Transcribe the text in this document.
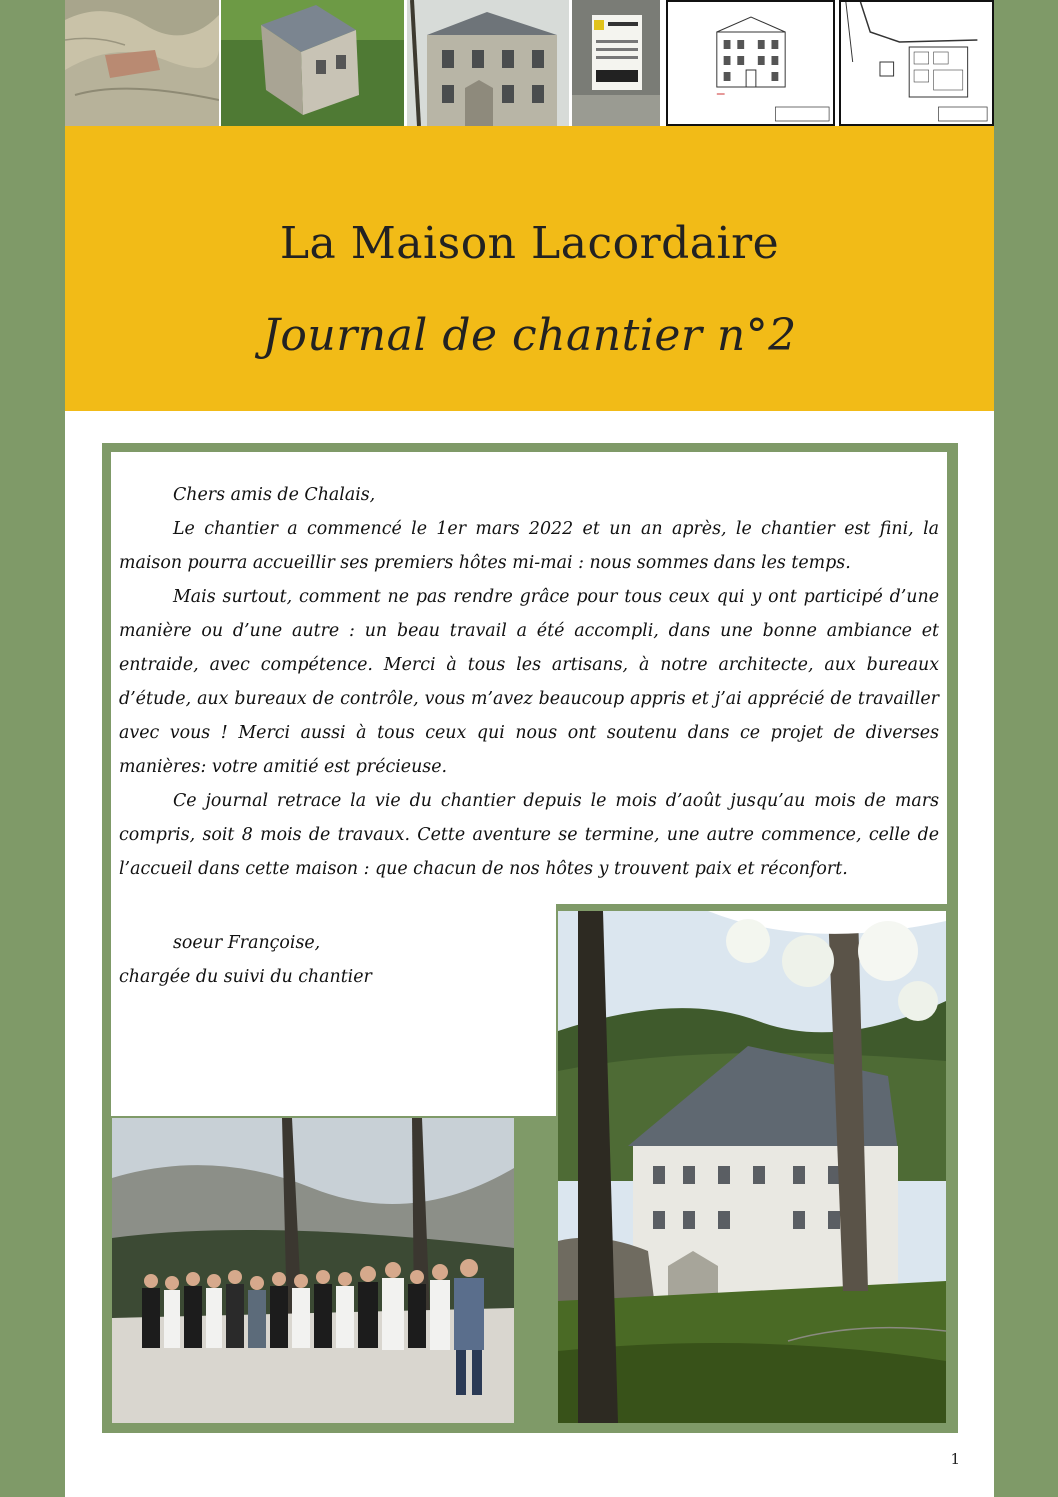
La Maison Lacordaire
Journal de chantier n°2

Chers amis de Chalais,

Le chantier a commencé le 1er mars 2022 et un an après, le chantier est fini, la maison pourra accueillir ses premiers hôtes mi-mai : nous sommes dans les temps.

Mais surtout, comment ne pas rendre grâce pour tous ceux qui y ont participé d’une manière ou d’une autre : un beau travail a été accompli, dans une bonne ambiance et entraide, avec compétence. Merci à tous les artisans, à notre architecte, aux bureaux d’étude, aux bureaux de contrôle, vous m’avez beaucoup appris et j’ai apprécié de travailler avec vous ! Merci aussi à tous ceux qui nous ont soutenu dans ce projet de diverses manières: votre amitié est précieuse.

Ce journal retrace la vie du chantier depuis le mois d’août jusqu’au mois de mars compris, soit 8 mois de travaux. Cette aventure se termine, une autre commence, celle de l’accueil dans cette maison : que chacun de nos hôtes y trouvent paix et réconfort.

soeur Françoise,
chargée du suivi du chantier
1
